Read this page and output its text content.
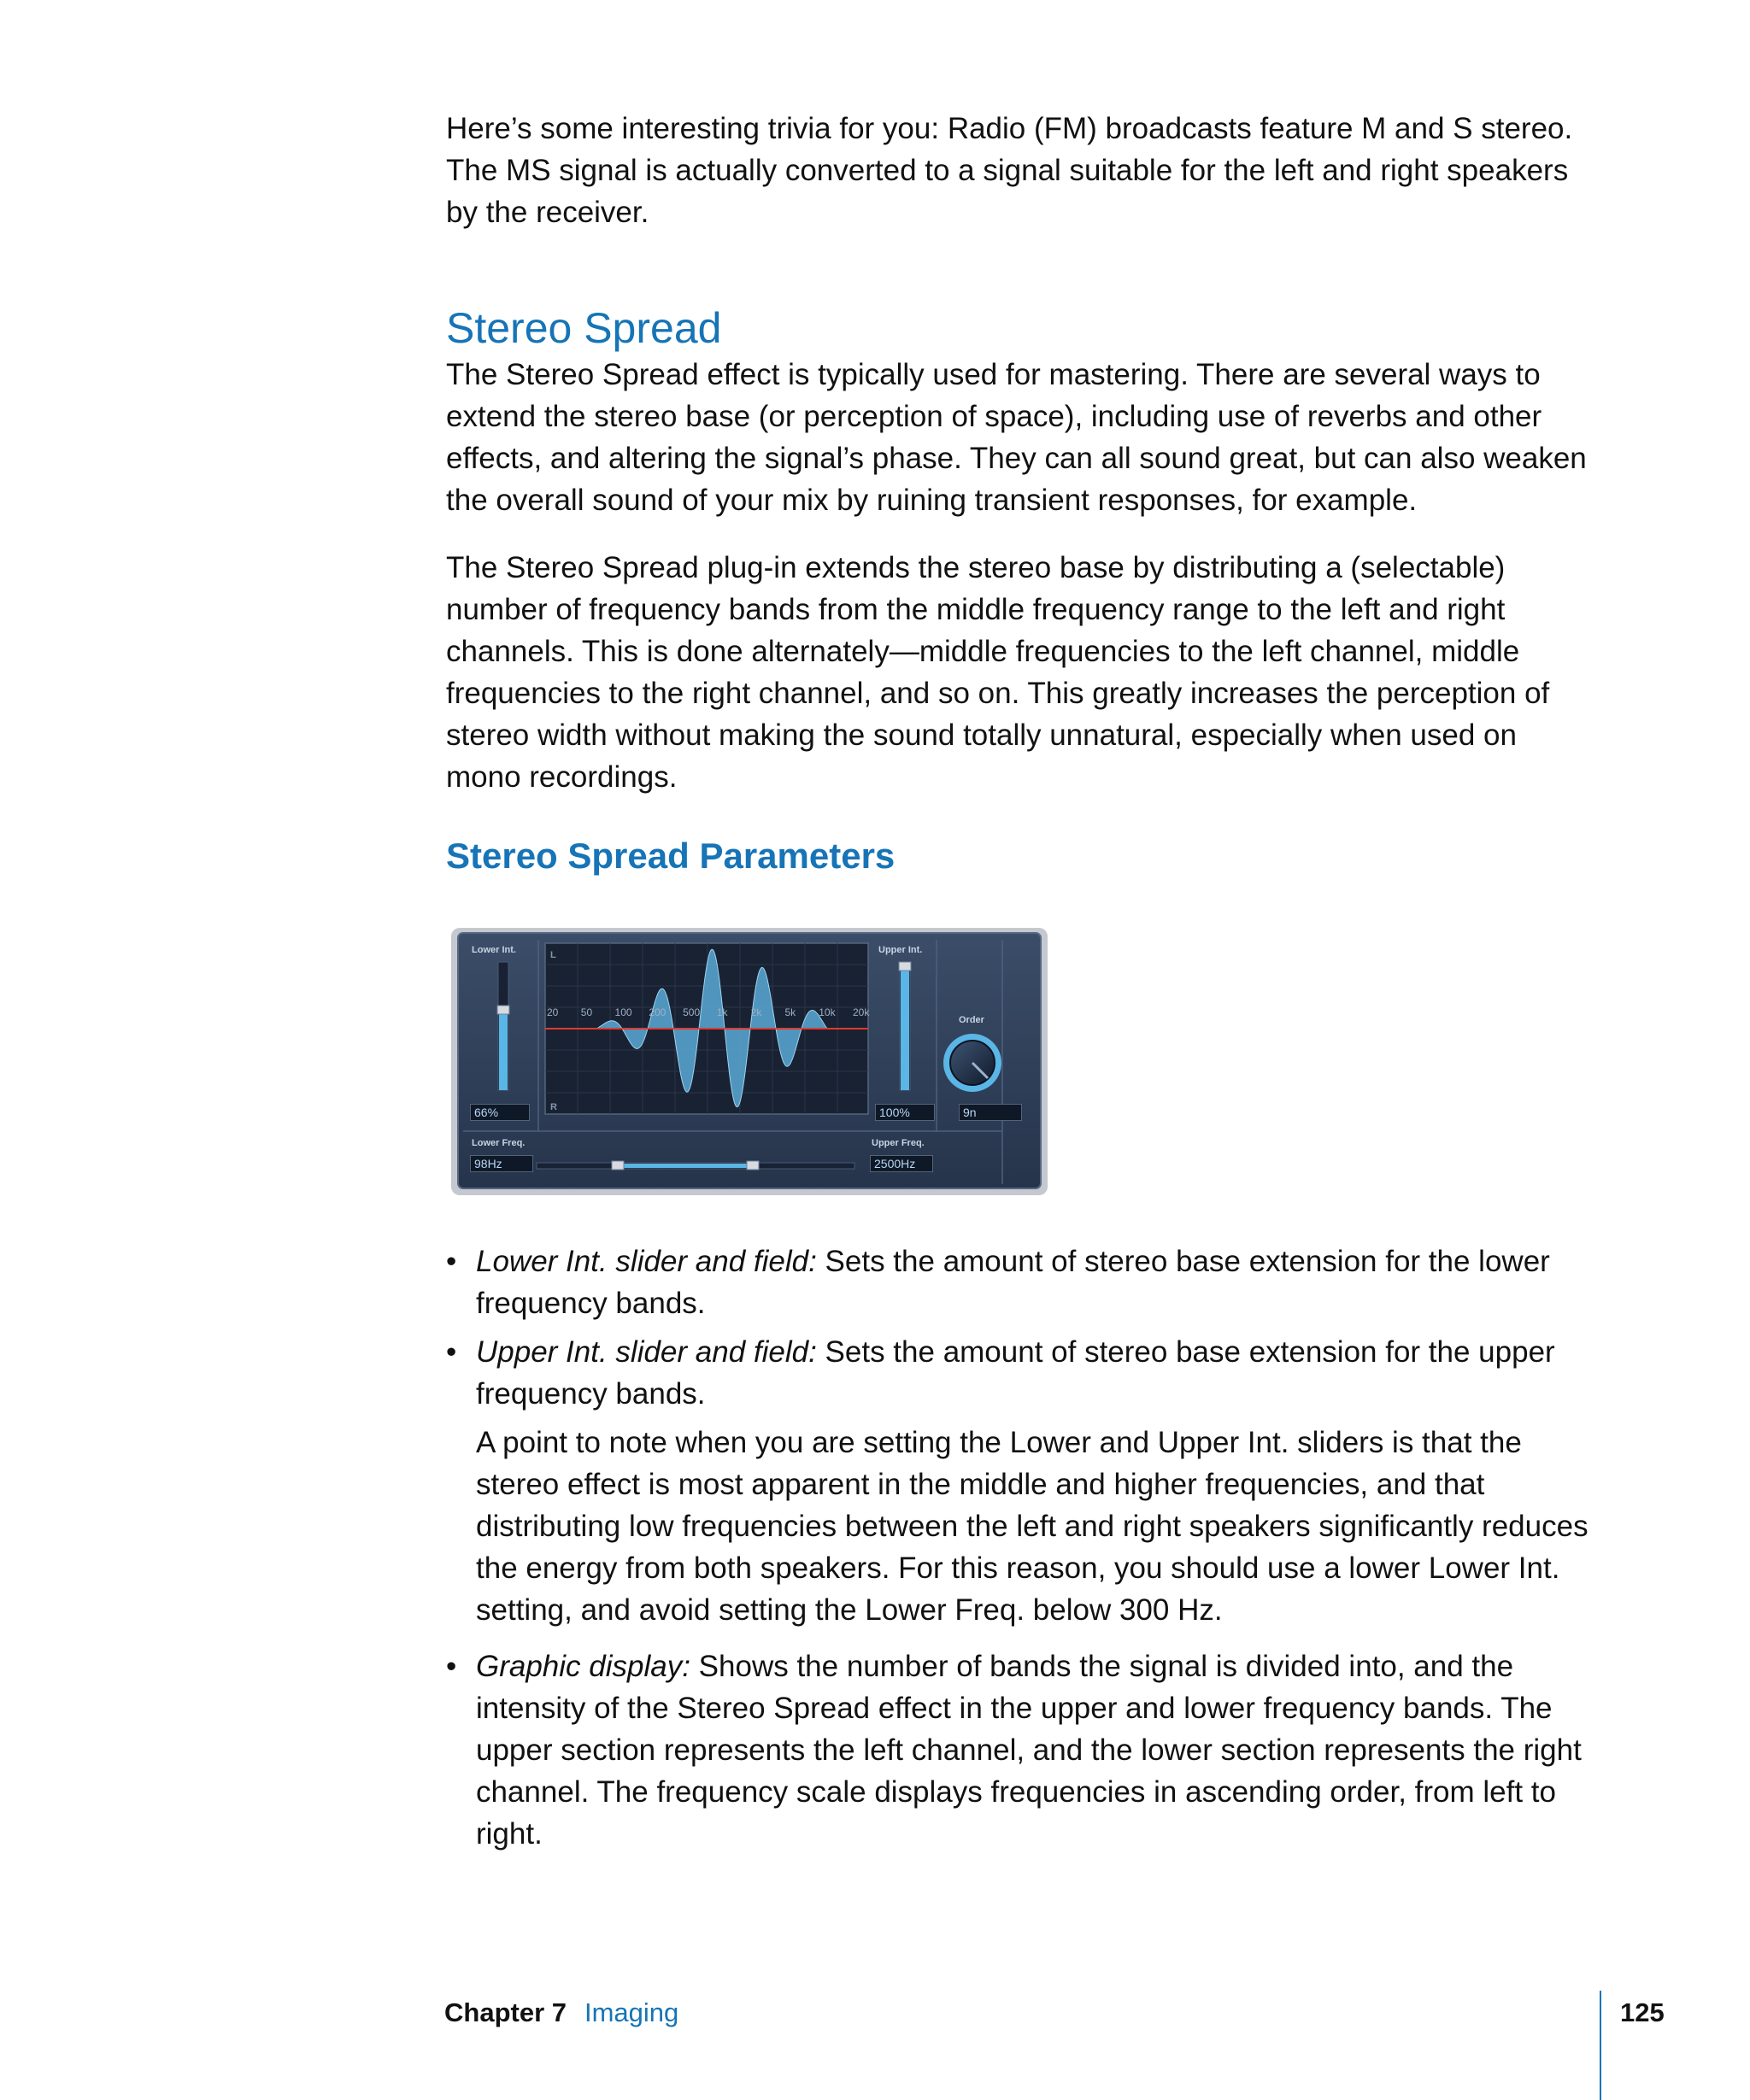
Here’s some interesting trivia for you: Radio (FM) broadcasts feature M and S stereo. The MS signal is actually converted to a signal suitable for the left and right speakers by the receiver.

Stereo Spread

The Stereo Spread effect is typically used for mastering. There are several ways to extend the stereo base (or perception of space), including use of reverbs and other effects, and altering the signal’s phase. They can all sound great, but can also weaken the overall sound of your mix by ruining transient responses, for example.

The Stereo Spread plug-in extends the stereo base by distributing a (selectable) number of frequency bands from the middle frequency range to the left and right channels. This is done alternately—middle frequencies to the left channel, middle frequencies to the right channel, and so on. This greatly increases the perception of stereo width without making the sound totally unnatural, especially when used on mono recordings.

Stereo Spread Parameters
Lower Int.	Upper Int.
Order
Lower Freq.	Upper Freq.
L
R
20 50 100 200 500 1k 2k 5k 10k 20k
66%	100%	9n
98Hz	2500Hz
• Lower Int. slider and field: Sets the amount of stereo base extension for the lower frequency bands.
• Upper Int. slider and field: Sets the amount of stereo base extension for the upper frequency bands.
A point to note when you are setting the Lower and Upper Int. sliders is that the stereo effect is most apparent in the middle and higher frequencies, and that distributing low frequencies between the left and right speakers significantly reduces the energy from both speakers. For this reason, you should use a lower Lower Int. setting, and avoid setting the Lower Freq. below 300 Hz.
• Graphic display: Shows the number of bands the signal is divided into, and the intensity of the Stereo Spread effect in the upper and lower frequency bands. The upper section represents the left channel, and the lower section represents the right channel. The frequency scale displays frequencies in ascending order, from left to right.
Chapter 7 Imaging	125
